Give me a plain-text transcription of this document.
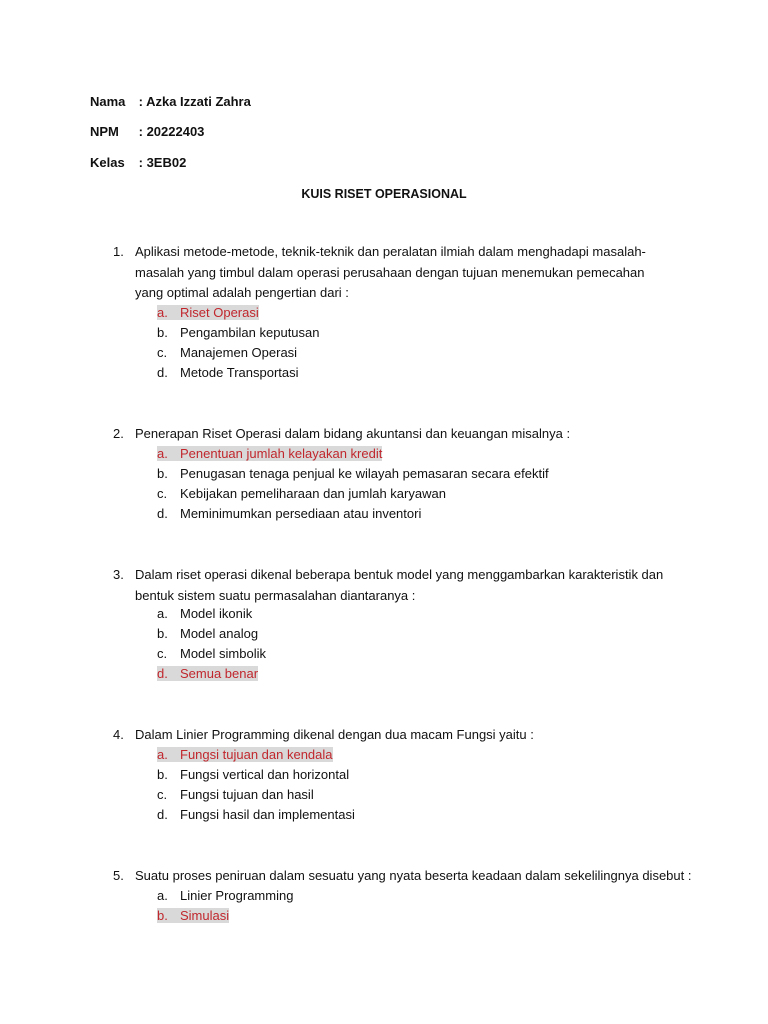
Nama : Azka Izzati Zahra
NPM : 20222403
Kelas : 3EB02
KUIS RISET OPERASIONAL
1. Aplikasi metode-metode, teknik-teknik dan peralatan ilmiah dalam menghadapi masalah-masalah yang timbul dalam operasi perusahaan dengan tujuan menemukan pemecahan yang optimal adalah pengertian dari :
a. Riset Operasi
b. Pengambilan keputusan
c. Manajemen Operasi
d. Metode Transportasi
2. Penerapan Riset Operasi dalam bidang akuntansi dan keuangan misalnya :
a. Penentuan jumlah kelayakan kredit
b. Penugasan tenaga penjual ke wilayah pemasaran secara efektif
c. Kebijakan pemeliharaan dan jumlah karyawan
d. Meminimumkan persediaan atau inventori
3. Dalam riset operasi dikenal beberapa bentuk model yang menggambarkan karakteristik dan bentuk sistem suatu permasalahan diantaranya :
a. Model ikonik
b. Model analog
c. Model simbolik
d. Semua benar
4. Dalam Linier Programming dikenal dengan dua macam Fungsi yaitu :
a. Fungsi tujuan dan kendala
b. Fungsi vertical dan horizontal
c. Fungsi tujuan dan hasil
d. Fungsi hasil dan implementasi
5. Suatu proses peniruan dalam sesuatu yang nyata beserta keadaan dalam sekelilingnya disebut :
a. Linier Programming
b. Simulasi
